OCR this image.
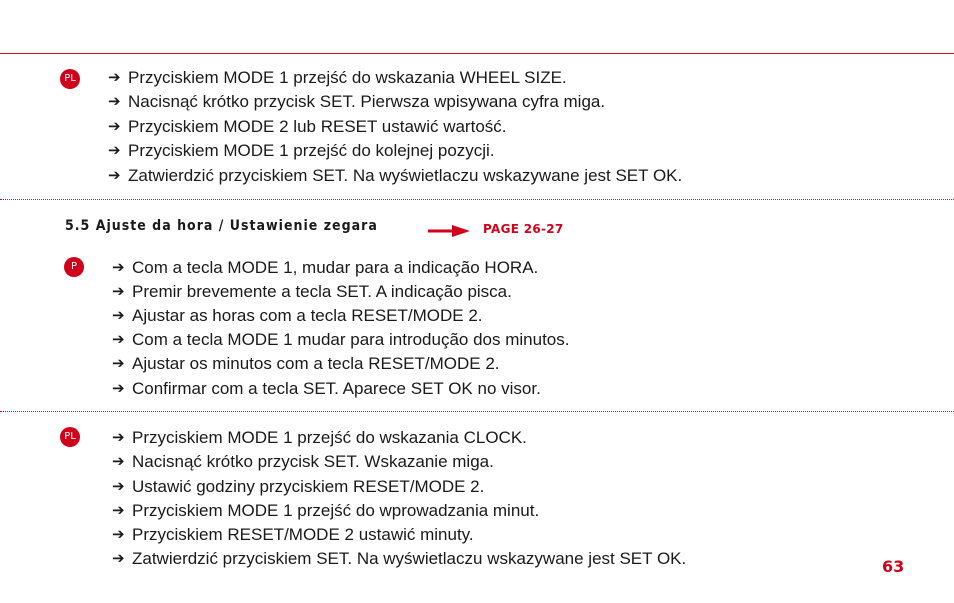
PL ➔ Przyciskiem MODE 1 przejść do wskazania WHEEL SIZE.
➔ Nacisnąć krótko przycisk SET. Pierwsza wpisywana cyfra miga.
➔ Przyciskiem MODE 2 lub RESET ustawić wartość.
➔ Przyciskiem MODE 1 przejść do kolejnej pozycji.
➔ Zatwierdzić przyciskiem SET. Na wyświetlaczu wskazywane jest SET OK.
5.5 Ajuste da hora / Ustawienie zegara	PAGE 26-27
P	➔ Com a tecla MODE 1, mudar para a indicação HORA.
➔ Premir brevemente a tecla SET. A indicação pisca.
➔ Ajustar as horas com a tecla RESET/MODE 2.
➔ Com a tecla MODE 1 mudar para introdução dos minutos.
➔ Ajustar os minutos com a tecla RESET/MODE 2.
➔ Confirmar com a tecla SET. Aparece SET OK no visor.
PL ➔ Przyciskiem MODE 1 przejść do wskazania CLOCK.
➔ Nacisnąć krótko przycisk SET. Wskazanie miga.
➔ Ustawić godziny przyciskiem RESET/MODE 2.
➔ Przyciskiem MODE 1 przejść do wprowadzania minut.
➔ Przyciskiem RESET/MODE 2 ustawić minuty.
➔ Zatwierdzić przyciskiem SET. Na wyświetlaczu wskazywane jest SET OK.	63
